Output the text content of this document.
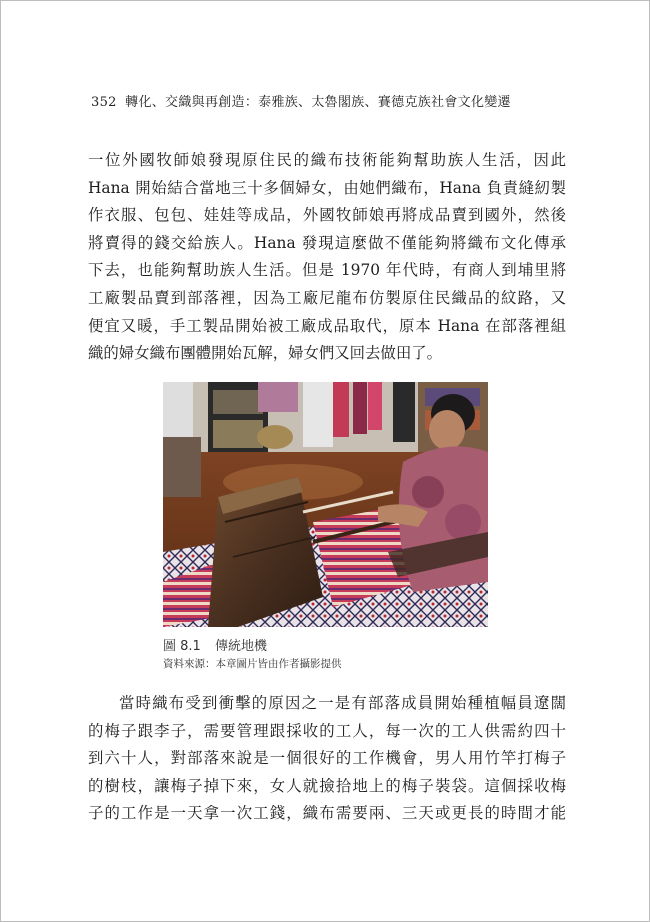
352 轉化、交織與再創造：泰雅族、太魯閣族、賽德克族社會文化變遷

一位外國牧師娘發現原住民的織布技術能夠幫助族人生活，因此
Hana 開始結合當地三十多個婦女，由她們織布，Hana 負責縫紉製
作衣服、包包、娃娃等成品，外國牧師娘再將成品賣到國外，然後
將賣得的錢交給族人。Hana 發現這麼做不僅能夠將織布文化傳承
下去，也能夠幫助族人生活。但是 1970 年代時，有商人到埔里將
工廠製品賣到部落裡，因為工廠尼龍布仿製原住民織品的紋路，又
便宜又暖，手工製品開始被工廠成品取代，原本 Hana 在部落裡組
織的婦女織布團體開始瓦解，婦女們又回去做田了。

圖 8.1 傳統地機
資料來源：本章圖片皆由作者攝影提供

當時織布受到衝擊的原因之一是有部落成員開始種植幅員遼闊
的梅子跟李子，需要管理跟採收的工人，每一次的工人供需約四十
到六十人，對部落來說是一個很好的工作機會，男人用竹竿打梅子
的樹枝，讓梅子掉下來，女人就撿拾地上的梅子裝袋。這個採收梅
子的工作是一天拿一次工錢，織布需要兩、三天或更長的時間才能
